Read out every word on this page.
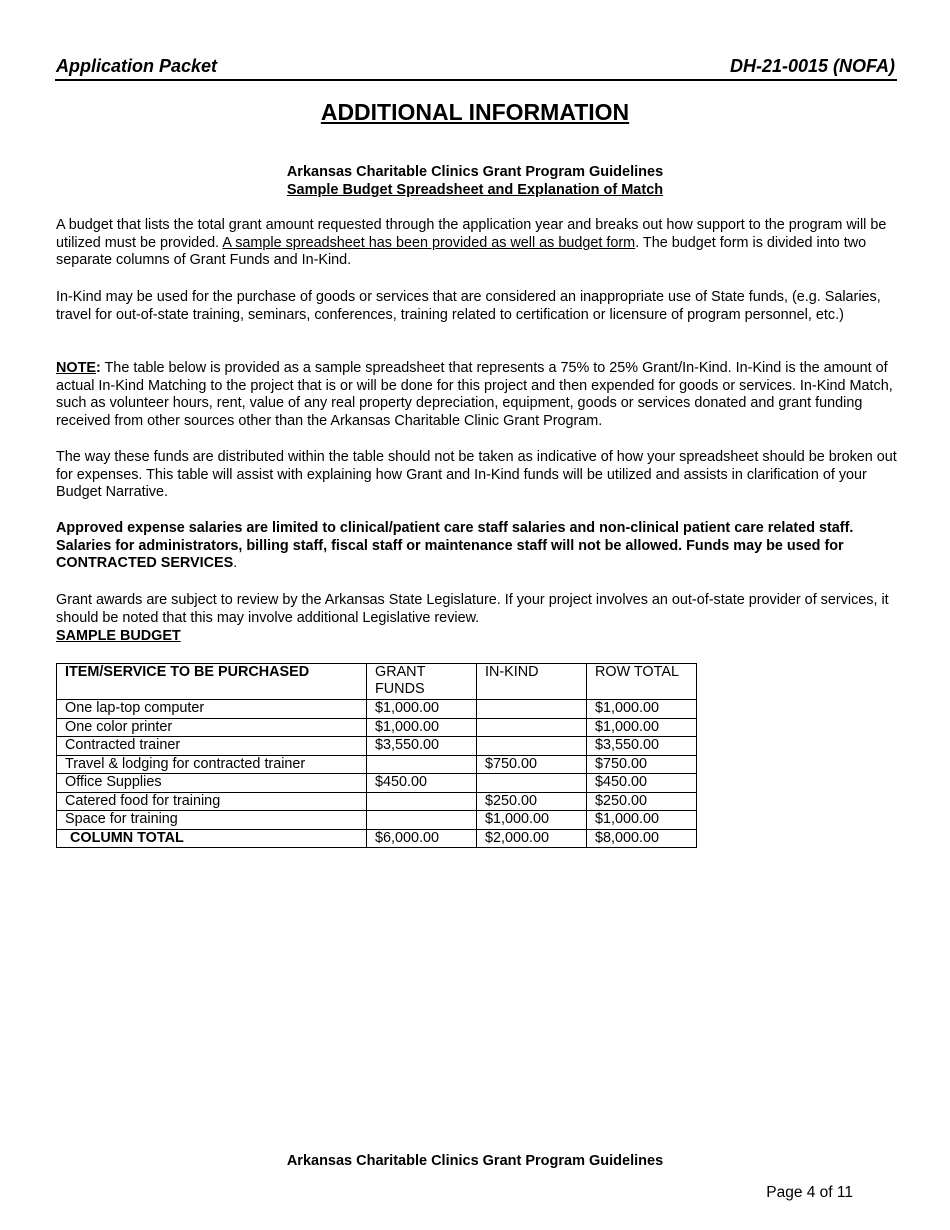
Application Packet	DH-21-0015 (NOFA)
ADDITIONAL INFORMATION
Arkansas Charitable Clinics Grant Program Guidelines
Sample Budget Spreadsheet and Explanation of Match
A budget that lists the total grant amount requested through the application year and breaks out how support to the program will be utilized must be provided. A sample spreadsheet has been provided as well as budget form. The budget form is divided into two separate columns of Grant Funds and In-Kind.
In-Kind may be used for the purchase of goods or services that are considered an inappropriate use of State funds, (e.g. Salaries, travel for out-of-state training, seminars, conferences, training related to certification or licensure of program personnel, etc.)
NOTE: The table below is provided as a sample spreadsheet that represents a 75% to 25% Grant/In-Kind. In-Kind is the amount of actual In-Kind Matching to the project that is or will be done for this project and then expended for goods or services. In-Kind Match, such as volunteer hours, rent, value of any real property depreciation, equipment, goods or services donated and grant funding received from other sources other than the Arkansas Charitable Clinic Grant Program.
The way these funds are distributed within the table should not be taken as indicative of how your spreadsheet should be broken out for expenses. This table will assist with explaining how Grant and In-Kind funds will be utilized and assists in clarification of your Budget Narrative.
Approved expense salaries are limited to clinical/patient care staff salaries and non-clinical patient care related staff. Salaries for administrators, billing staff, fiscal staff or maintenance staff will not be allowed. Funds may be used for CONTRACTED SERVICES.
Grant awards are subject to review by the Arkansas State Legislature. If your project involves an out-of-state provider of services, it should be noted that this may involve additional Legislative review.
SAMPLE BUDGET
ITEM/SERVICE TO BE PURCHASED	GRANT FUNDS	IN-KIND	ROW TOTAL
One lap-top computer	$1,000.00		$1,000.00
One color printer	$1,000.00		$1,000.00
Contracted trainer	$3,550.00		$3,550.00
Travel & lodging for contracted trainer		$750.00	$750.00
Office Supplies	$450.00		$450.00
Catered food for training		$250.00	$250.00
Space for training		$1,000.00	$1,000.00
COLUMN TOTAL	$6,000.00	$2,000.00	$8,000.00
Arkansas Charitable Clinics Grant Program Guidelines
Page 4 of 11
